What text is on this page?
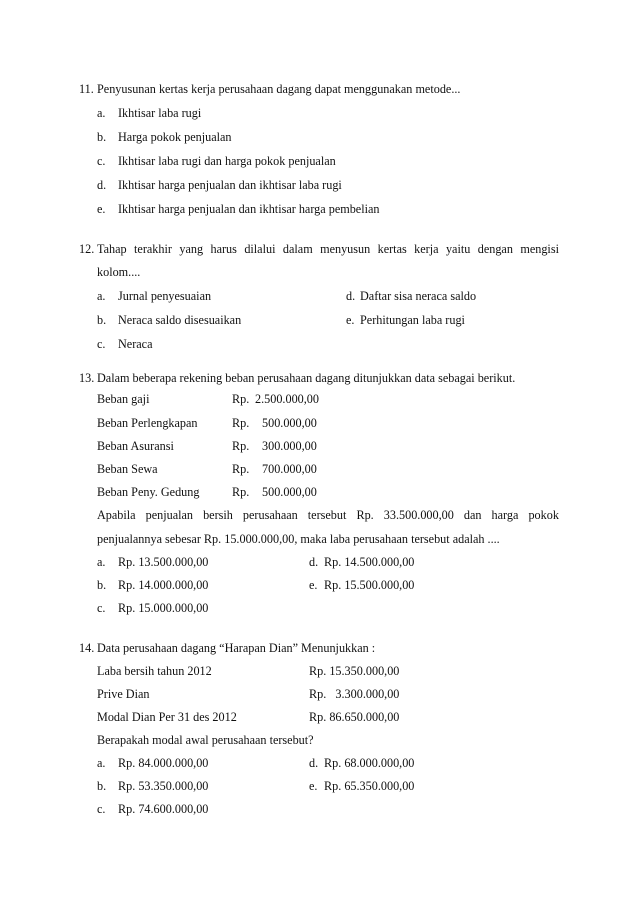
11. Penyusunan kertas kerja perusahaan dagang dapat menggunakan metode...
a. Ikhtisar laba rugi
b. Harga pokok penjualan
c. Ikhtisar laba rugi dan harga pokok penjualan
d. Ikhtisar harga penjualan dan ikhtisar laba rugi
e. Ikhtisar harga penjualan dan ikhtisar harga pembelian
12. Tahap terakhir yang harus dilalui dalam menyusun kertas kerja yaitu dengan mengisi
kolom....
a. Jurnal penyesuaian
b. Neraca saldo disesuaikan
c. Neraca
d. Daftar sisa neraca saldo
e. Perhitungan laba rugi
13. Dalam beberapa rekening beban perusahaan dagang ditunjukkan data sebagai berikut.
Beban gaji	Rp. 2.500.000,00
Beban Perlengkapan	Rp. 500.000,00
Beban Asuransi	Rp. 300.000,00
Beban Sewa	Rp. 700.000,00
Beban Peny. Gedung	Rp. 500.000,00
Apabila penjualan bersih perusahaan tersebut Rp. 33.500.000,00 dan harga pokok
penjualannya sebesar Rp. 15.000.000,00, maka laba perusahaan tersebut adalah ....
a. Rp. 13.500.000,00
b. Rp. 14.000.000,00
c. Rp. 15.000.000,00
d. Rp. 14.500.000,00
e. Rp. 15.500.000,00
14. Data perusahaan dagang “Harapan Dian” Menunjukkan :
Laba bersih tahun 2012	Rp. 15.350.000,00
Prive Dian	Rp.   3.300.000,00
Modal Dian Per 31 des 2012	Rp. 86.650.000,00
Berapakah modal awal perusahaan tersebut?
a. Rp. 84.000.000,00
b. Rp. 53.350.000,00
c. Rp. 74.600.000,00
d. Rp. 68.000.000,00
e. Rp. 65.350.000,00
